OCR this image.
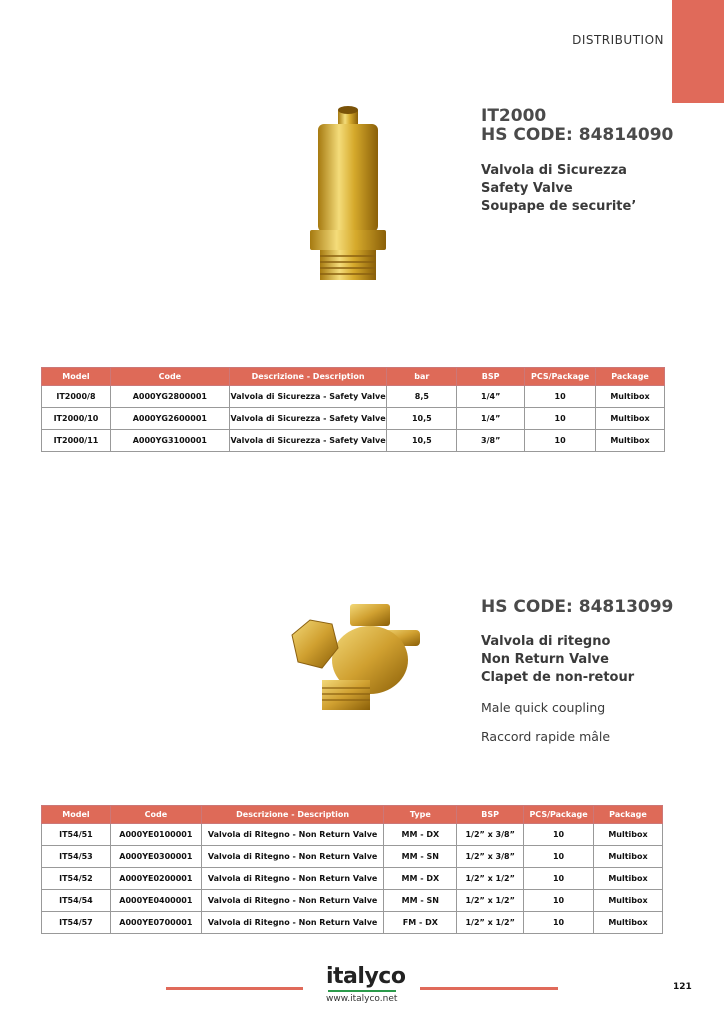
DISTRIBUTION
IT2000
HS CODE: 84814090
Valvola di Sicurezza
Safety Valve
Soupape de securite’
Model	Code	Descrizione - Description	bar	BSP	PCS/Package	Package
IT2000/8	A000YG2800001	Valvola di Sicurezza - Safety Valve	8,5	1/4”	10	Multibox
IT2000/10	A000YG2600001	Valvola di Sicurezza - Safety Valve	10,5	1/4”	10	Multibox
IT2000/11	A000YG3100001	Valvola di Sicurezza - Safety Valve	10,5	3/8”	10	Multibox
HS CODE: 84813099
Valvola di ritegno
Non Return Valve
Clapet de non-retour
Male quick coupling
Raccord rapide mâle
Model	Code	Descrizione - Description	Type	BSP	PCS/Package	Package
IT54/51	A000YE0100001	Valvola di Ritegno - Non Return Valve	MM - DX	1/2” x 3/8”	10	Multibox
IT54/53	A000YE0300001	Valvola di Ritegno - Non Return Valve	MM - SN	1/2” x 3/8”	10	Multibox
IT54/52	A000YE0200001	Valvola di Ritegno - Non Return Valve	MM - DX	1/2” x 1/2”	10	Multibox
IT54/54	A000YE0400001	Valvola di Ritegno - Non Return Valve	MM - SN	1/2” x 1/2”	10	Multibox
IT54/57	A000YE0700001	Valvola di Ritegno - Non Return Valve	FM - DX	1/2” x 1/2”	10	Multibox
italyco
www.italyco.net
121
